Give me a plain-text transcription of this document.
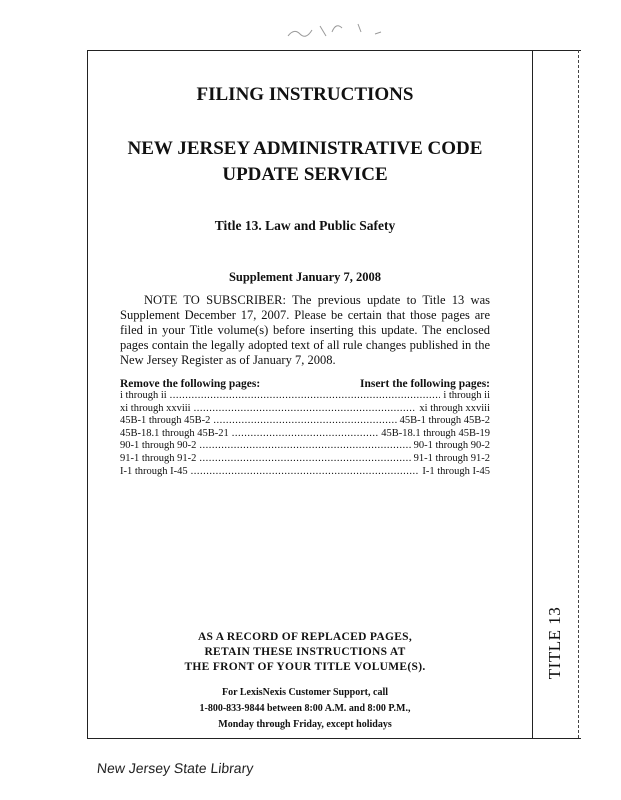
TITLE 13
FILING INSTRUCTIONS
NEW JERSEY ADMINISTRATIVE CODE
UPDATE SERVICE
Title 13. Law and Public Safety
Supplement January 7, 2008

NOTE TO SUBSCRIBER: The previous update to Title 13 was Supplement December 17, 2007. Please be certain that those pages are filed in your Title volume(s) before inserting this update. The enclosed pages contain the legally adopted text of all rule changes published in the New Jersey Register as of January 7, 2008.

Remove the following pages:	Insert the following pages:
i through ii .....	i through ii
xi through xxviii .....	xi through xxviii
45B-1 through 45B-2 .....	45B-1 through 45B-2
45B-18.1 through 45B-21 .....	45B-18.1 through 45B-19
90-1 through 90-2 .....	90-1 through 90-2
91-1 through 91-2 .....	91-1 through 91-2
I-1 through I-45 .....	I-1 through I-45
AS A RECORD OF REPLACED PAGES,
RETAIN THESE INSTRUCTIONS AT
THE FRONT OF YOUR TITLE VOLUME(S).
For LexisNexis Customer Support, call
1-800-833-9844 between 8:00 A.M. and 8:00 P.M.,
Monday through Friday, except holidays
New Jersey State Library
